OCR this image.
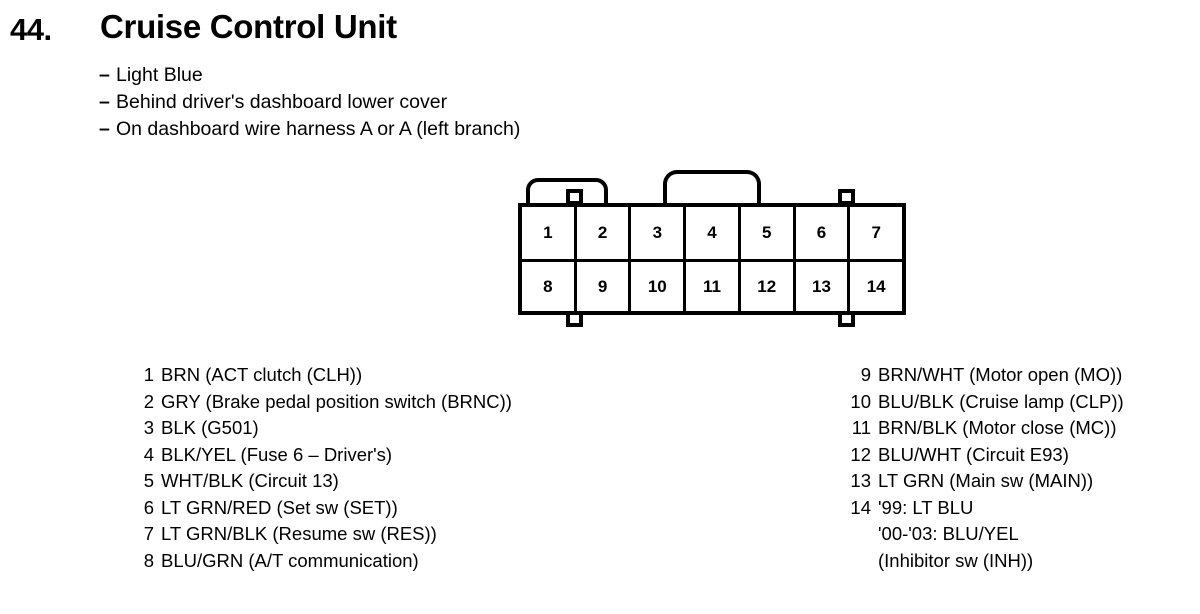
44. Cruise Control Unit
– Light Blue
– Behind driver's dashboard lower cover
– On dashboard wire harness A or A (left branch)
1	2	3	4	5	6	7
8	9	10	11	12	13	14
1 BRN (ACT clutch (CLH))
2 GRY (Brake pedal position switch (BRNC))
3 BLK (G501)
4 BLK/YEL (Fuse 6 – Driver's)
5 WHT/BLK (Circuit 13)
6 LT GRN/RED (Set sw (SET))
7 LT GRN/BLK (Resume sw (RES))
8 BLU/GRN (A/T communication)
9 BRN/WHT (Motor open (MO))
10 BLU/BLK (Cruise lamp (CLP))
11 BRN/BLK (Motor close (MC))
12 BLU/WHT (Circuit E93)
13 LT GRN (Main sw (MAIN))
14 '99: LT BLU
'00-'03: BLU/YEL
(Inhibitor sw (INH))
